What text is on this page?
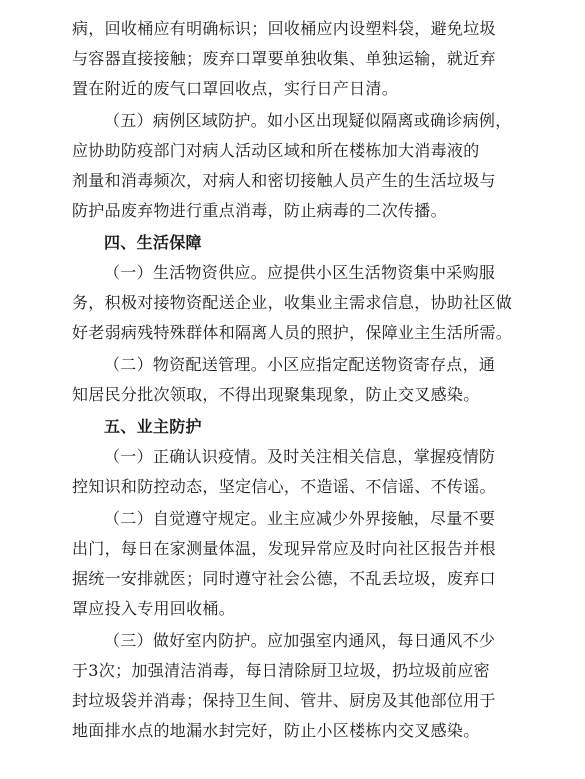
病，回收桶应有明确标识；回收桶应内设塑料袋，避免垃圾
与容器直接接触；废弃口罩要单独收集、单独运输，就近弃
置在附近的废气口罩回收点，实行日产日清。
（五）病例区域防护。如小区出现疑似隔离或确诊病例，
应协助防疫部门对病人活动区域和所在楼栋加大消毒液的
剂量和消毒频次，对病人和密切接触人员产生的生活垃圾与
防护品废弃物进行重点消毒，防止病毒的二次传播。
四、生活保障
（一）生活物资供应。应提供小区生活物资集中采购服
务，积极对接物资配送企业，收集业主需求信息，协助社区做
好老弱病残特殊群体和隔离人员的照护，保障业主生活所需。
（二）物资配送管理。小区应指定配送物资寄存点，通
知居民分批次领取，不得出现聚集现象，防止交叉感染。
五、业主防护
（一）正确认识疫情。及时关注相关信息，掌握疫情防
控知识和防控动态，坚定信心，不造谣、不信谣、不传谣。
（二）自觉遵守规定。业主应减少外界接触，尽量不要
出门，每日在家测量体温，发现异常应及时向社区报告并根
据统一安排就医；同时遵守社会公德，不乱丢垃圾，废弃口
罩应投入专用回收桶。
（三）做好室内防护。应加强室内通风，每日通风不少
于3次；加强清洁消毒，每日清除厨卫垃圾，扔垃圾前应密
封垃圾袋并消毒；保持卫生间、管井、厨房及其他部位用于
地面排水点的地漏水封完好，防止小区楼栋内交叉感染。
